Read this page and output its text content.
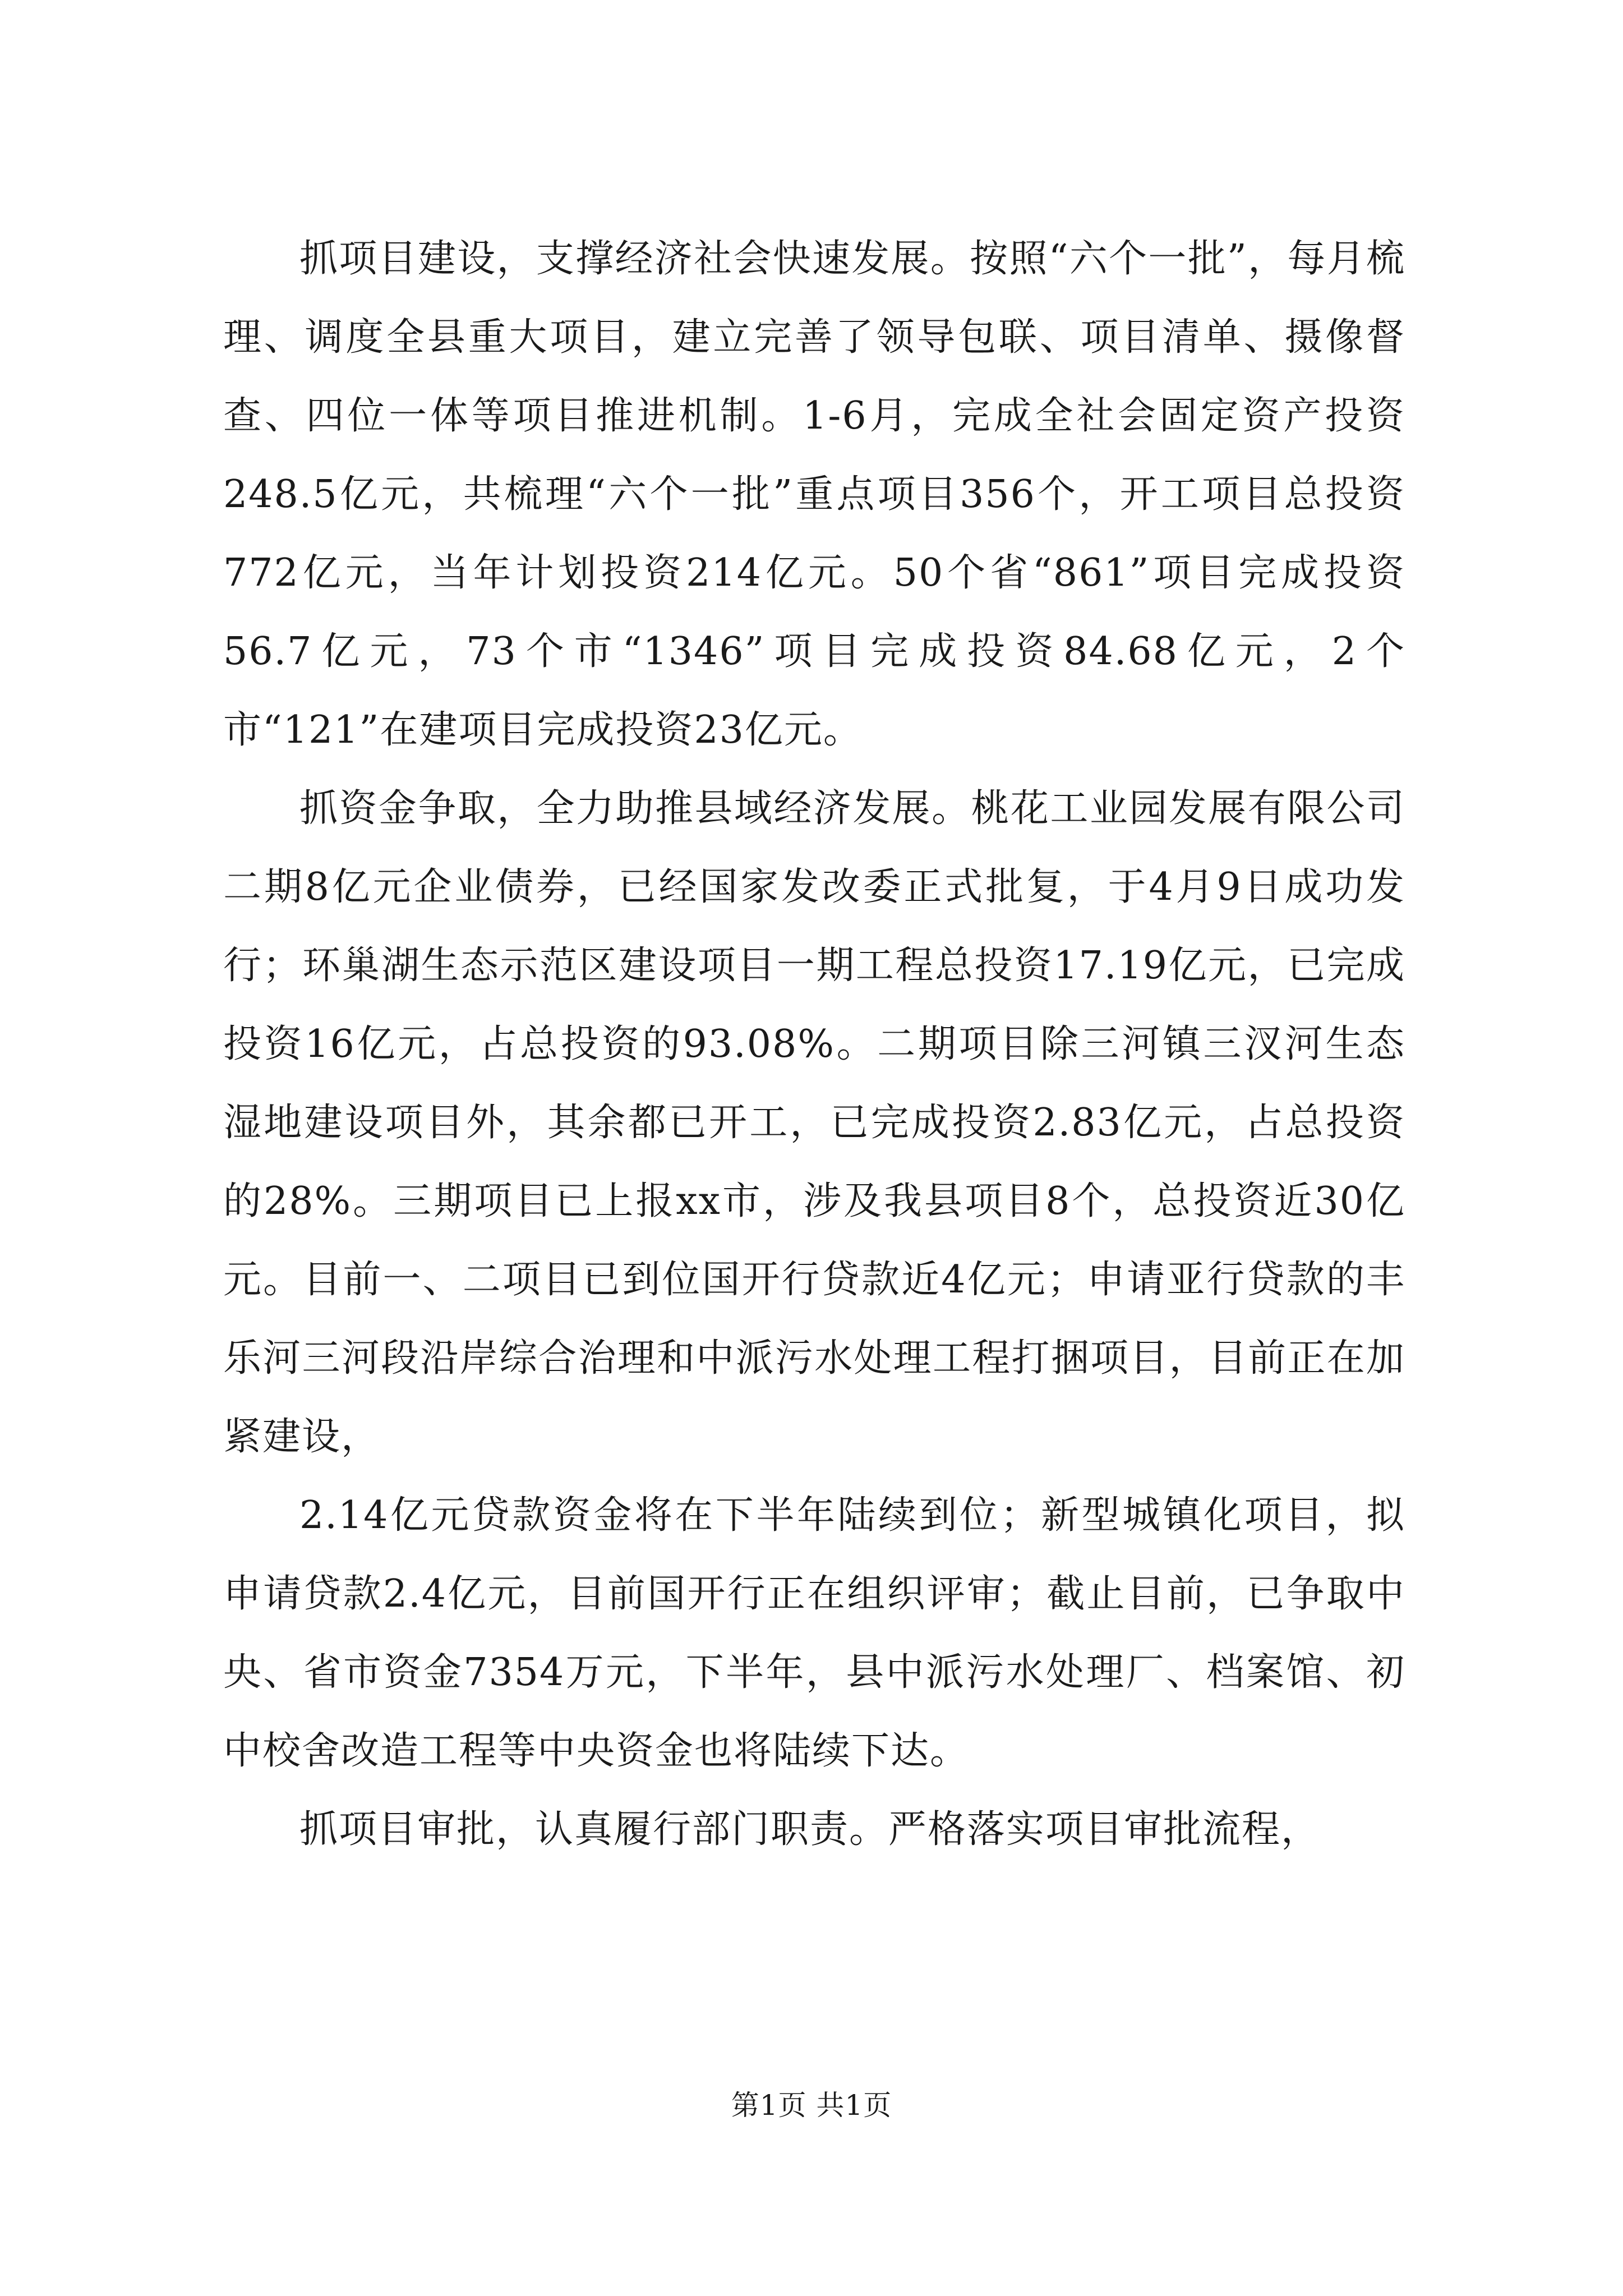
抓项目建设，支撑经济社会快速发展。按照“六个一批”，每月梳理、调度全县重大项目，建立完善了领导包联、项目清单、摄像督查、四位一体等项目推进机制。1-6月，完成全社会固定资产投资248.5亿元，共梳理“六个一批”重点项目356个，开工项目总投资772亿元，当年计划投资214亿元。50个省“861”项目完成投资56.7亿元，73个市“1346”项目完成投资84.68亿元，2个市“121”在建项目完成投资23亿元。

抓资金争取，全力助推县域经济发展。桃花工业园发展有限公司二期8亿元企业债券，已经国家发改委正式批复，于4月9日成功发行；环巢湖生态示范区建设项目一期工程总投资17.19亿元，已完成投资16亿元，占总投资的93.08%。二期项目除三河镇三汊河生态湿地建设项目外，其余都已开工，已完成投资2.83亿元，占总投资的28%。三期项目已上报xx市，涉及我县项目8个，总投资近30亿元。目前一、二项目已到位国开行贷款近4亿元；申请亚行贷款的丰乐河三河段沿岸综合治理和中派污水处理工程打捆项目，目前正在加紧建设，

2.14亿元贷款资金将在下半年陆续到位；新型城镇化项目，拟申请贷款2.4亿元，目前国开行正在组织评审；截止目前，已争取中央、省市资金7354万元，下半年，县中派污水处理厂、档案馆、初中校舍改造工程等中央资金也将陆续下达。

抓项目审批，认真履行部门职责。严格落实项目审批流程，

第1页 共1页
